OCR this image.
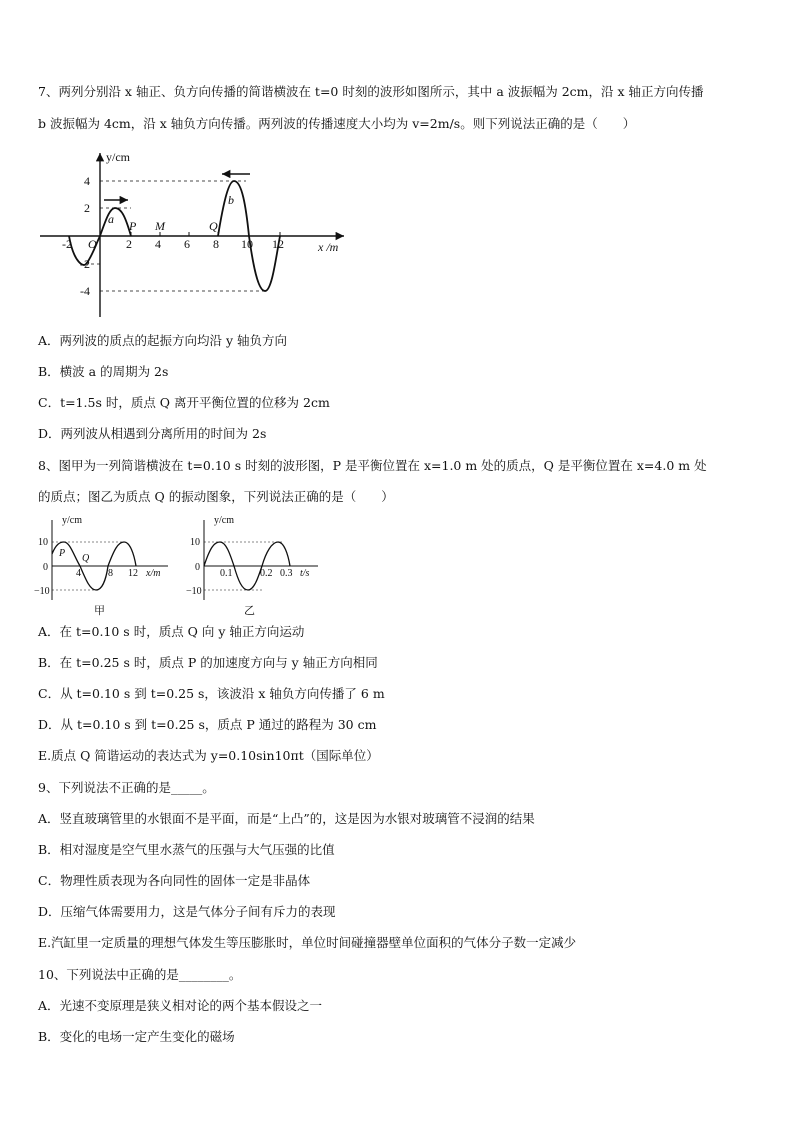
7、两列分别沿 x 轴正、负方向传播的简谐横波在 t=0 时刻的波形如图所示，其中 a 波振幅为 2cm，沿 x 轴正方向传播
b 波振幅为 4cm，沿 x 轴负方向传播。两列波的传播速度大小均为 v=2m/s。则下列说法正确的是（　　）
y/cm
x /m
4
2
-2
-4
-2 O 2 4 6 8 10 12
a P M	Q
b
A．两列波的质点的起振方向均沿 y 轴负方向
B．横波 a 的周期为 2s
C．t=1.5s 时，质点 Q 离开平衡位置的位移为 2cm
D．两列波从相遇到分离所用的时间为 2s
8、图甲为一列简谐横波在 t=0.10 s 时刻的波形图，P 是平衡位置在 x=1.0 m 处的质点，Q 是平衡位置在 x=4.0 m 处
的质点；图乙为质点 Q 的振动图象，下列说法正确的是（　　）
y/cm
x/m
10
0
−10
4	8 12
P Q
甲
y/cm
t/s
10
0
−10
0.1	0.2 0.3
乙
A．在 t=0.10 s 时，质点 Q 向 y 轴正方向运动
B．在 t=0.25 s 时，质点 P 的加速度方向与 y 轴正方向相同
C．从 t=0.10 s 到 t=0.25 s，该波沿 x 轴负方向传播了 6 m
D．从 t=0.10 s 到 t=0.25 s，质点 P 通过的路程为 30 cm
E.质点 Q 简谐运动的表达式为 y=0.10sin10πt（国际单位）
9、下列说法不正确的是_____。
A．竖直玻璃管里的水银面不是平面，而是“上凸”的，这是因为水银对玻璃管不浸润的结果
B．相对湿度是空气里水蒸气的压强与大气压强的比值
C．物理性质表现为各向同性的固体一定是非晶体
D．压缩气体需要用力，这是气体分子间有斥力的表现
E.汽缸里一定质量的理想气体发生等压膨胀时，单位时间碰撞器壁单位面积的气体分子数一定减少
10、下列说法中正确的是________。
A．光速不变原理是狭义相对论的两个基本假设之一
B．变化的电场一定产生变化的磁场
